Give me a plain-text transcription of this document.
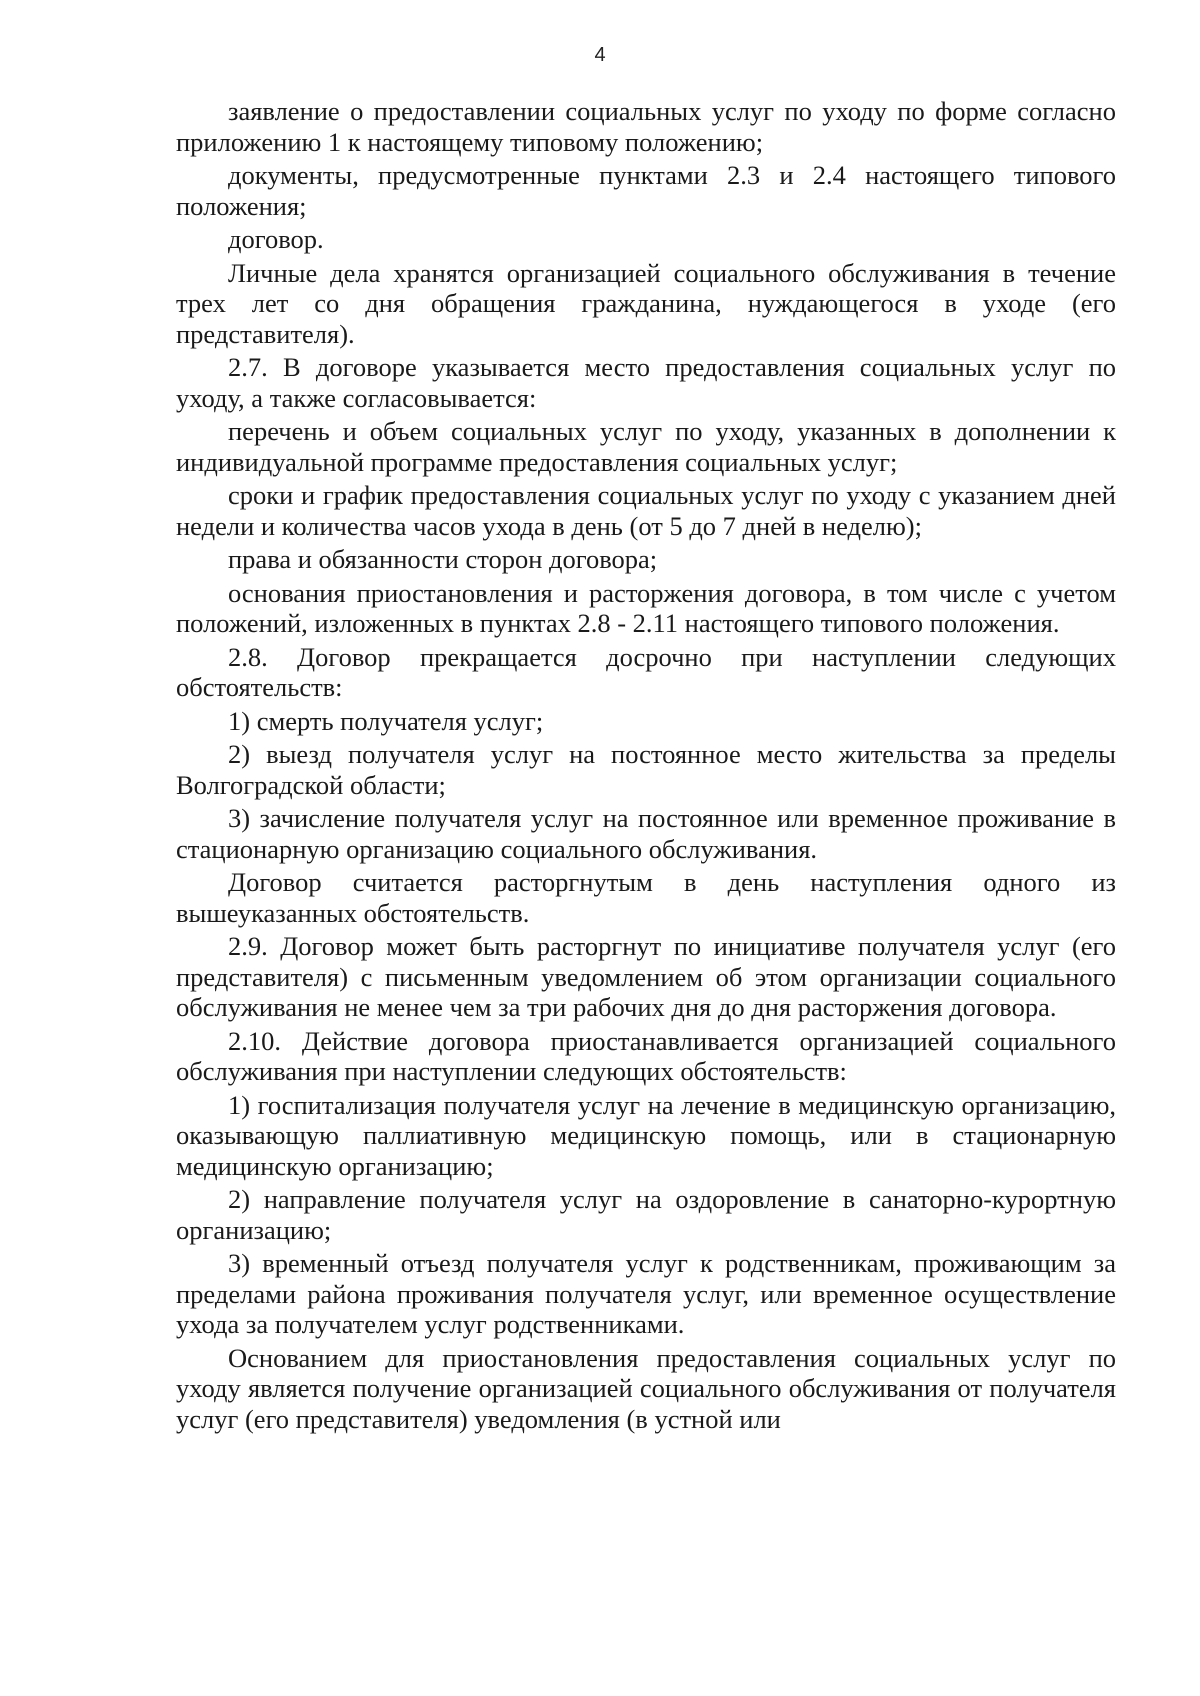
4

заявление о предоставлении социальных услуг по уходу по форме согласно приложению 1 к настоящему типовому положению;

документы, предусмотренные пунктами 2.3 и 2.4 настоящего типового положения;

договор.

Личные дела хранятся организацией социального обслуживания в течение трех лет со дня обращения гражданина, нуждающегося в уходе (его представителя).

2.7. В договоре указывается место предоставления социальных услуг по уходу, а также согласовывается:

перечень и объем социальных услуг по уходу, указанных в дополнении к индивидуальной программе предоставления социальных услуг;

сроки и график предоставления социальных услуг по уходу с указанием дней недели и количества часов ухода в день (от 5 до 7 дней в неделю);

права и обязанности сторон договора;

основания приостановления и расторжения договора, в том числе с учетом положений, изложенных в пунктах 2.8 - 2.11 настоящего типового положения.

2.8. Договор прекращается досрочно при наступлении следующих обстоятельств:

1) смерть получателя услуг;

2) выезд получателя услуг на постоянное место жительства за пределы Волгоградской области;

3) зачисление получателя услуг на постоянное или временное проживание в стационарную организацию социального обслуживания.

Договор считается расторгнутым в день наступления одного из вышеуказанных обстоятельств.

2.9. Договор может быть расторгнут по инициативе получателя услуг (его представителя) с письменным уведомлением об этом организации социального обслуживания не менее чем за три рабочих дня до дня расторжения договора.

2.10. Действие договора приостанавливается организацией социального обслуживания при наступлении следующих обстоятельств:

1) госпитализация получателя услуг на лечение в медицинскую организацию, оказывающую паллиативную медицинскую помощь, или в стационарную медицинскую организацию;

2) направление получателя услуг на оздоровление в санаторно-курортную организацию;

3) временный отъезд получателя услуг к родственникам, проживающим за пределами района проживания получателя услуг, или временное осуществление ухода за получателем услуг родственниками.

Основанием для приостановления предоставления социальных услуг по уходу является получение организацией социального обслуживания от получателя услуг (его представителя) уведомления (в устной или
